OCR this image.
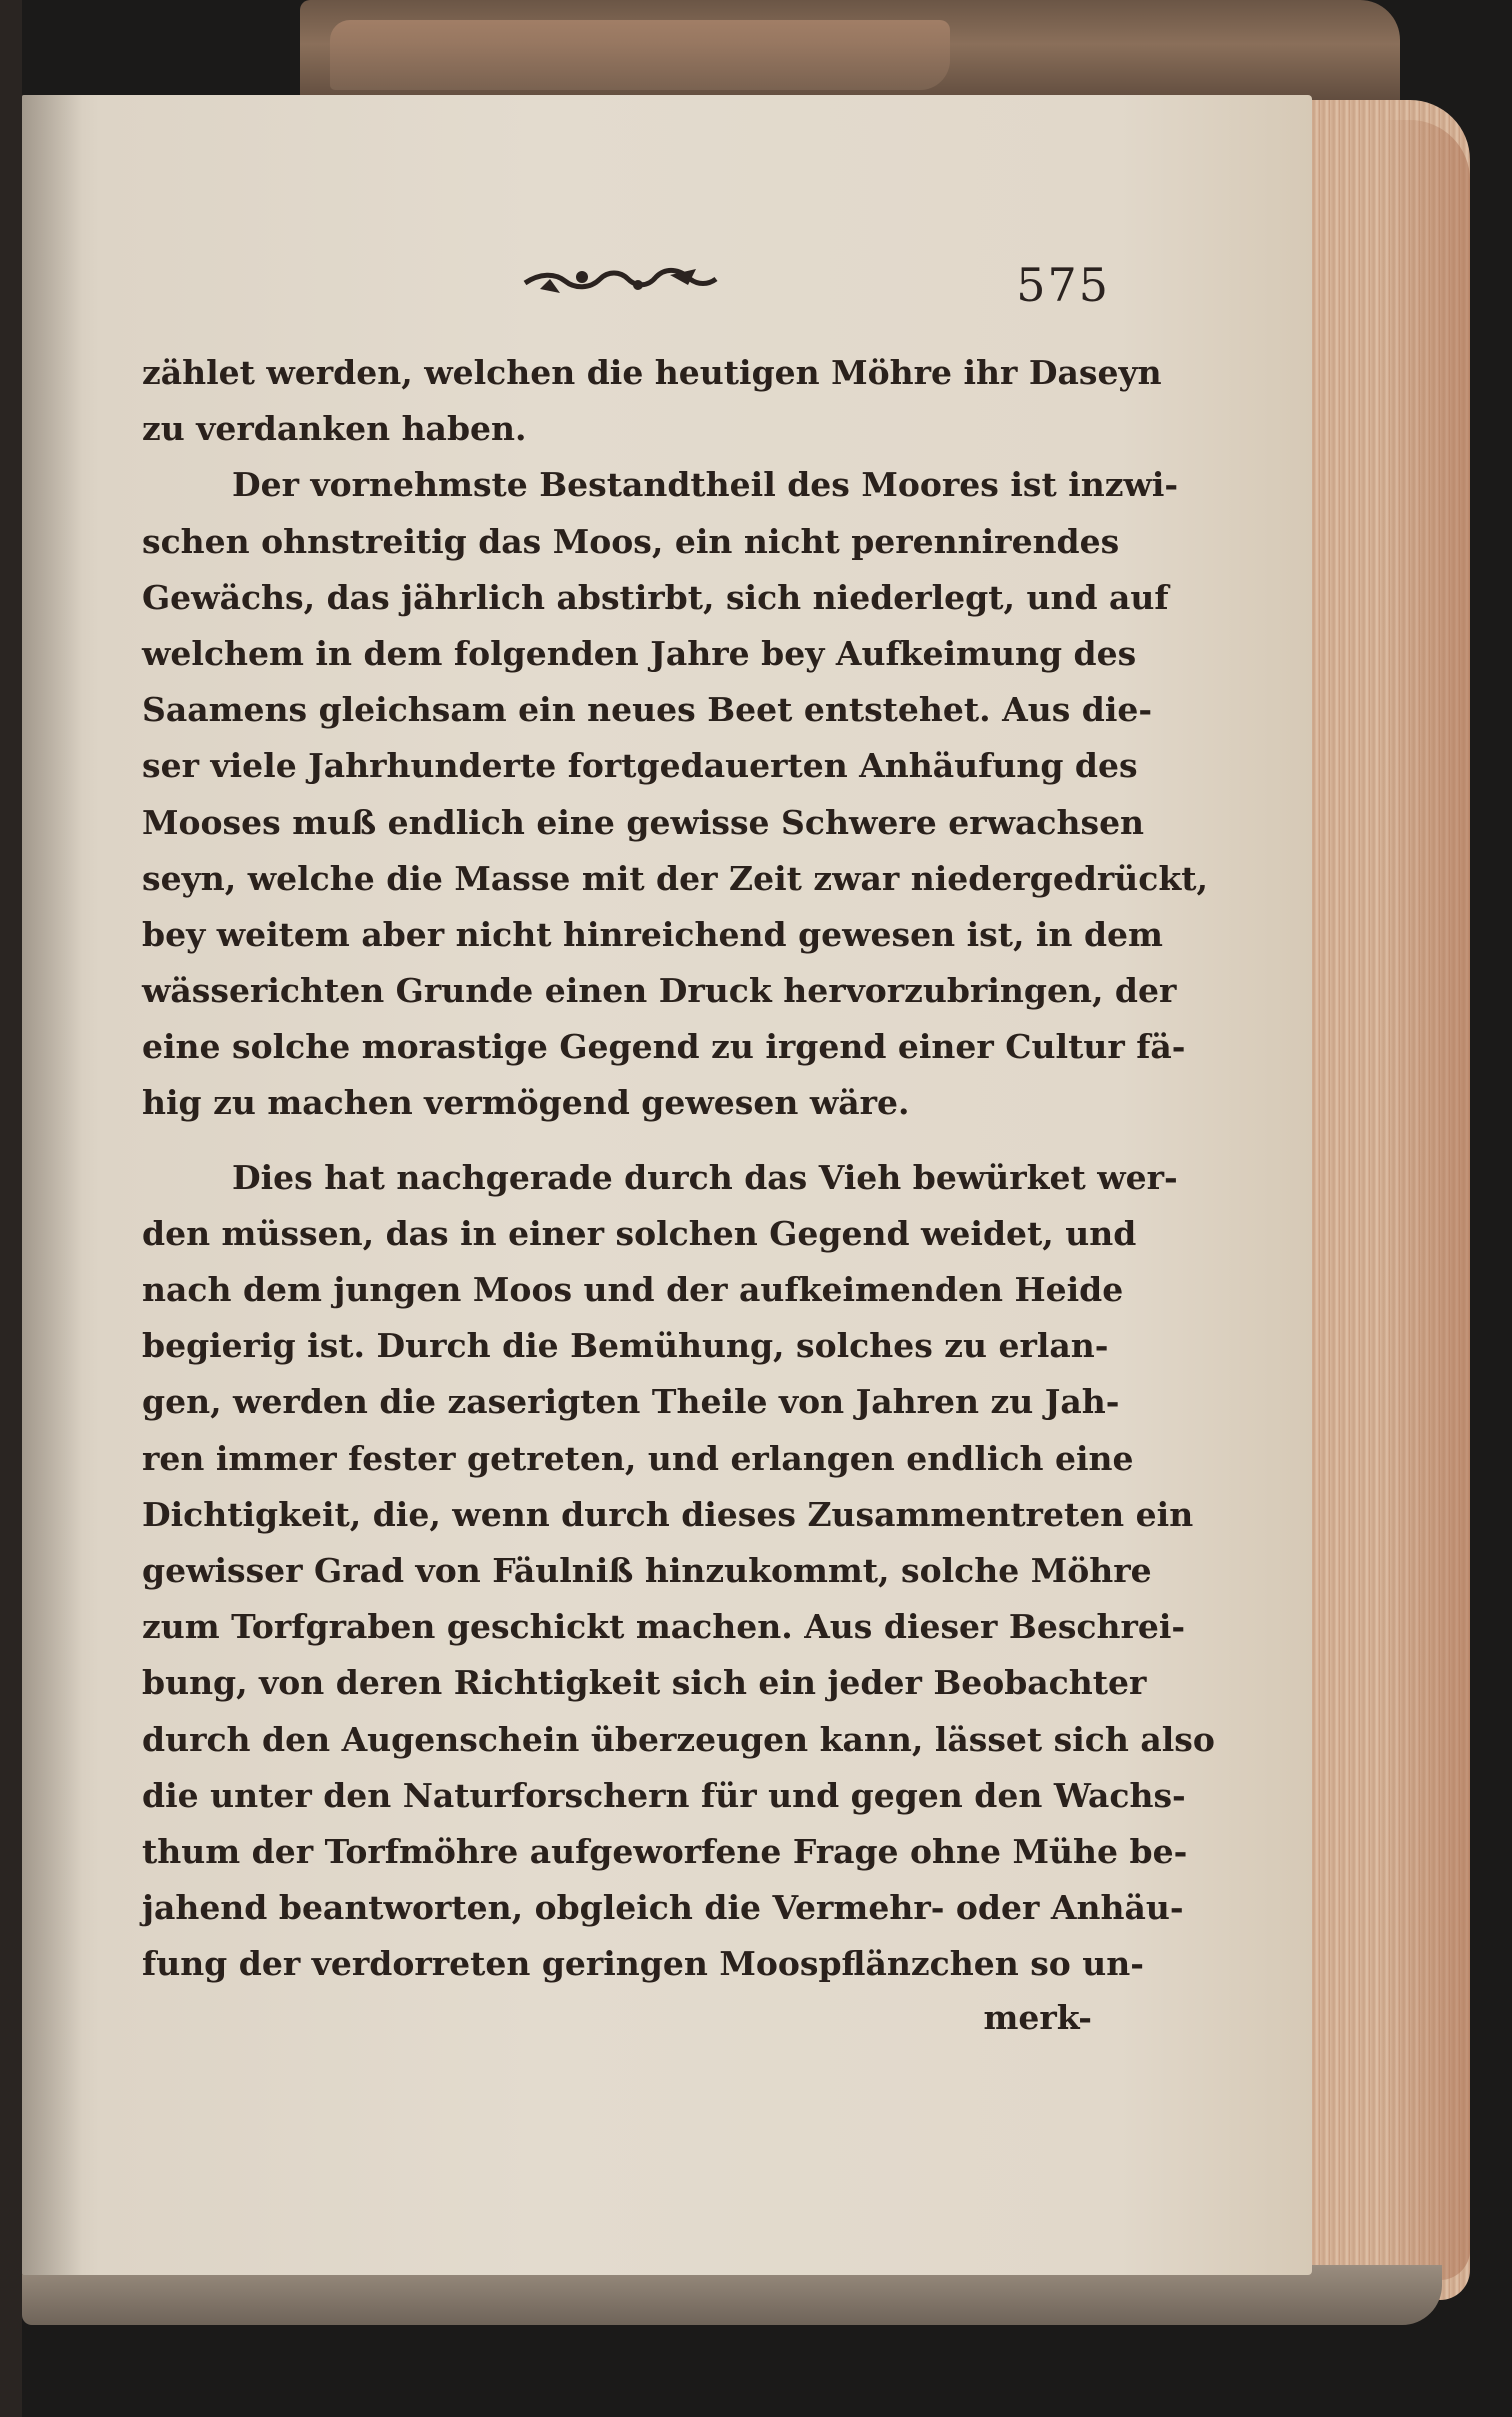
575
zählet werden, welchen die heutigen Möhre ihr Daseyn
zu verdanken haben.
Der vornehmste Bestandtheil des Moores ist inzwi-
schen ohnstreitig das Moos, ein nicht perennirendes
Gewächs, das jährlich abstirbt, sich niederlegt, und auf
welchem in dem folgenden Jahre bey Aufkeimung des
Saamens gleichsam ein neues Beet entstehet. Aus die-
ser viele Jahrhunderte fortgedauerten Anhäufung des
Mooses muß endlich eine gewisse Schwere erwachsen
seyn, welche die Masse mit der Zeit zwar niedergedrückt,
bey weitem aber nicht hinreichend gewesen ist, in dem
wässerichten Grunde einen Druck hervorzubringen, der
eine solche morastige Gegend zu irgend einer Cultur fä-
hig zu machen vermögend gewesen wäre.
Dies hat nachgerade durch das Vieh bewürket wer-
den müssen, das in einer solchen Gegend weidet, und
nach dem jungen Moos und der aufkeimenden Heide
begierig ist. Durch die Bemühung, solches zu erlan-
gen, werden die zaserigten Theile von Jahren zu Jah-
ren immer fester getreten, und erlangen endlich eine
Dichtigkeit, die, wenn durch dieses Zusammentreten ein
gewisser Grad von Fäulniß hinzukommt, solche Möhre
zum Torfgraben geschickt machen. Aus dieser Beschrei-
bung, von deren Richtigkeit sich ein jeder Beobachter
durch den Augenschein überzeugen kann, lässet sich also
die unter den Naturforschern für und gegen den Wachs-
thum der Torfmöhre aufgeworfene Frage ohne Mühe be-
jahend beantworten, obgleich die Vermehr- oder Anhäu-
fung der verdorreten geringen Moospflänzchen so un-
merk-
